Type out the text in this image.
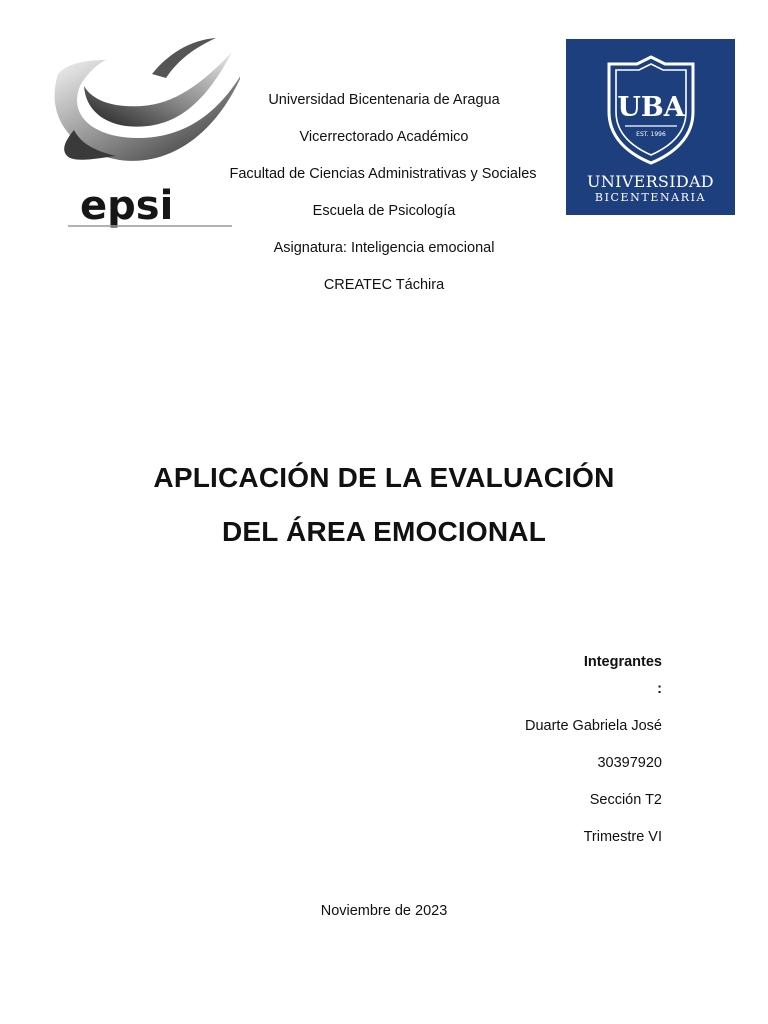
epsi
UBA
EST. 1996
UNIVERSIDAD
BICENTENARIA
Universidad Bicentenaria de Aragua
Vicerrectorado Académico
Facultad de Ciencias Administrativas y Sociales
Escuela de Psicología
Asignatura: Inteligencia emocional
CREATEC Táchira
APLICACIÓN DE LA EVALUACIÓN
DEL ÁREA EMOCIONAL
Integrantes
:
Duarte Gabriela José
30397920
Sección T2
Trimestre VI
Noviembre de 2023
